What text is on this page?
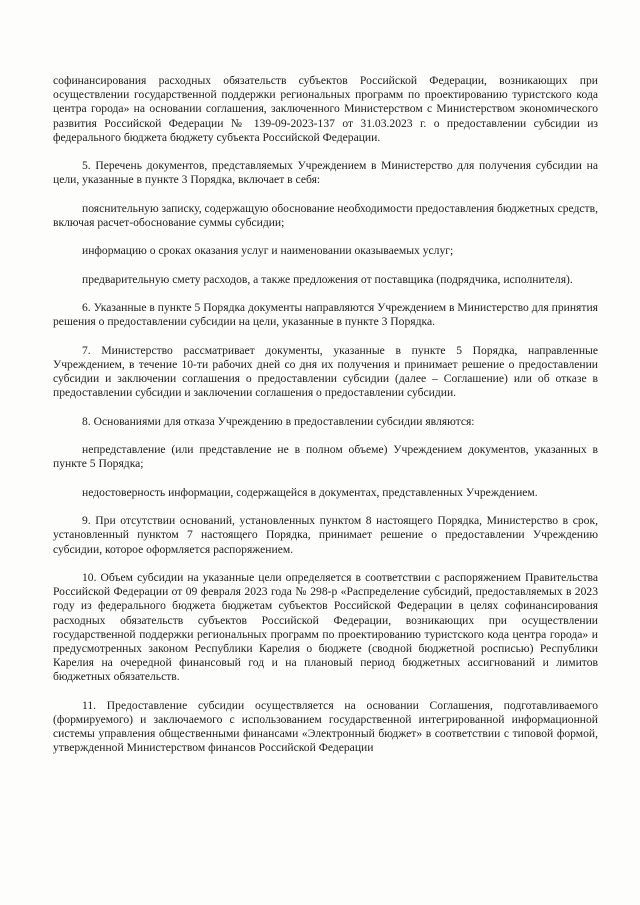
софинансирования расходных обязательств субъектов Российской Федерации, возникающих при осуществлении государственной поддержки региональных программ по проектированию туристского кода центра города» на основании соглашения, заключенного Министерством с Министерством экономического развития Российской Федерации № 139-09-2023-137 от 31.03.2023 г. о предоставлении субсидии из федерального бюджета бюджету субъекта Российской Федерации.

5. Перечень документов, представляемых Учреждением в Министерство для получения субсидии на цели, указанные в пункте 3 Порядка, включает в себя:

пояснительную записку, содержащую обоснование необходимости предоставления бюджетных средств, включая расчет-обоснование суммы субсидии;

информацию о сроках оказания услуг и наименовании оказываемых услуг;

предварительную смету расходов, а также предложения от поставщика (подрядчика, исполнителя).

6. Указанные в пункте 5 Порядка документы направляются Учреждением в Министерство для принятия решения о предоставлении субсидии на цели, указанные в пункте 3 Порядка.

7. Министерство рассматривает документы, указанные в пункте 5 Порядка, направленные Учреждением, в течение 10-ти рабочих дней со дня их получения и принимает решение о предоставлении субсидии и заключении соглашения о предоставлении субсидии (далее – Соглашение) или об отказе в предоставлении субсидии и заключении соглашения о предоставлении субсидии.

8. Основаниями для отказа Учреждению в предоставлении субсидии являются:

непредставление (или представление не в полном объеме) Учреждением документов, указанных в пункте 5 Порядка;

недостоверность информации, содержащейся в документах, представленных Учреждением.

9. При отсутствии оснований, установленных пунктом 8 настоящего Порядка, Министерство в срок, установленный пунктом 7 настоящего Порядка, принимает решение о предоставлении Учреждению субсидии, которое оформляется распоряжением.

10. Объем субсидии на указанные цели определяется в соответствии с распоряжением Правительства Российской Федерации от 09 февраля 2023 года № 298-р «Распределение субсидий, предоставляемых в 2023 году из федерального бюджета бюджетам субъектов Российской Федерации в целях софинансирования расходных обязательств субъектов Российской Федерации, возникающих при осуществлении государственной поддержки региональных программ по проектированию туристского кода центра города» и предусмотренных законом Республики Карелия о бюджете (сводной бюджетной росписью) Республики Карелия на очередной финансовый год и на плановый период бюджетных ассигнований и лимитов бюджетных обязательств.

11. Предоставление субсидии осуществляется на основании Соглашения, подготавливаемого (формируемого) и заключаемого с использованием государственной интегрированной информационной системы управления общественными финансами «Электронный бюджет» в соответствии с типовой формой, утвержденной Министерством финансов Российской Федерации
